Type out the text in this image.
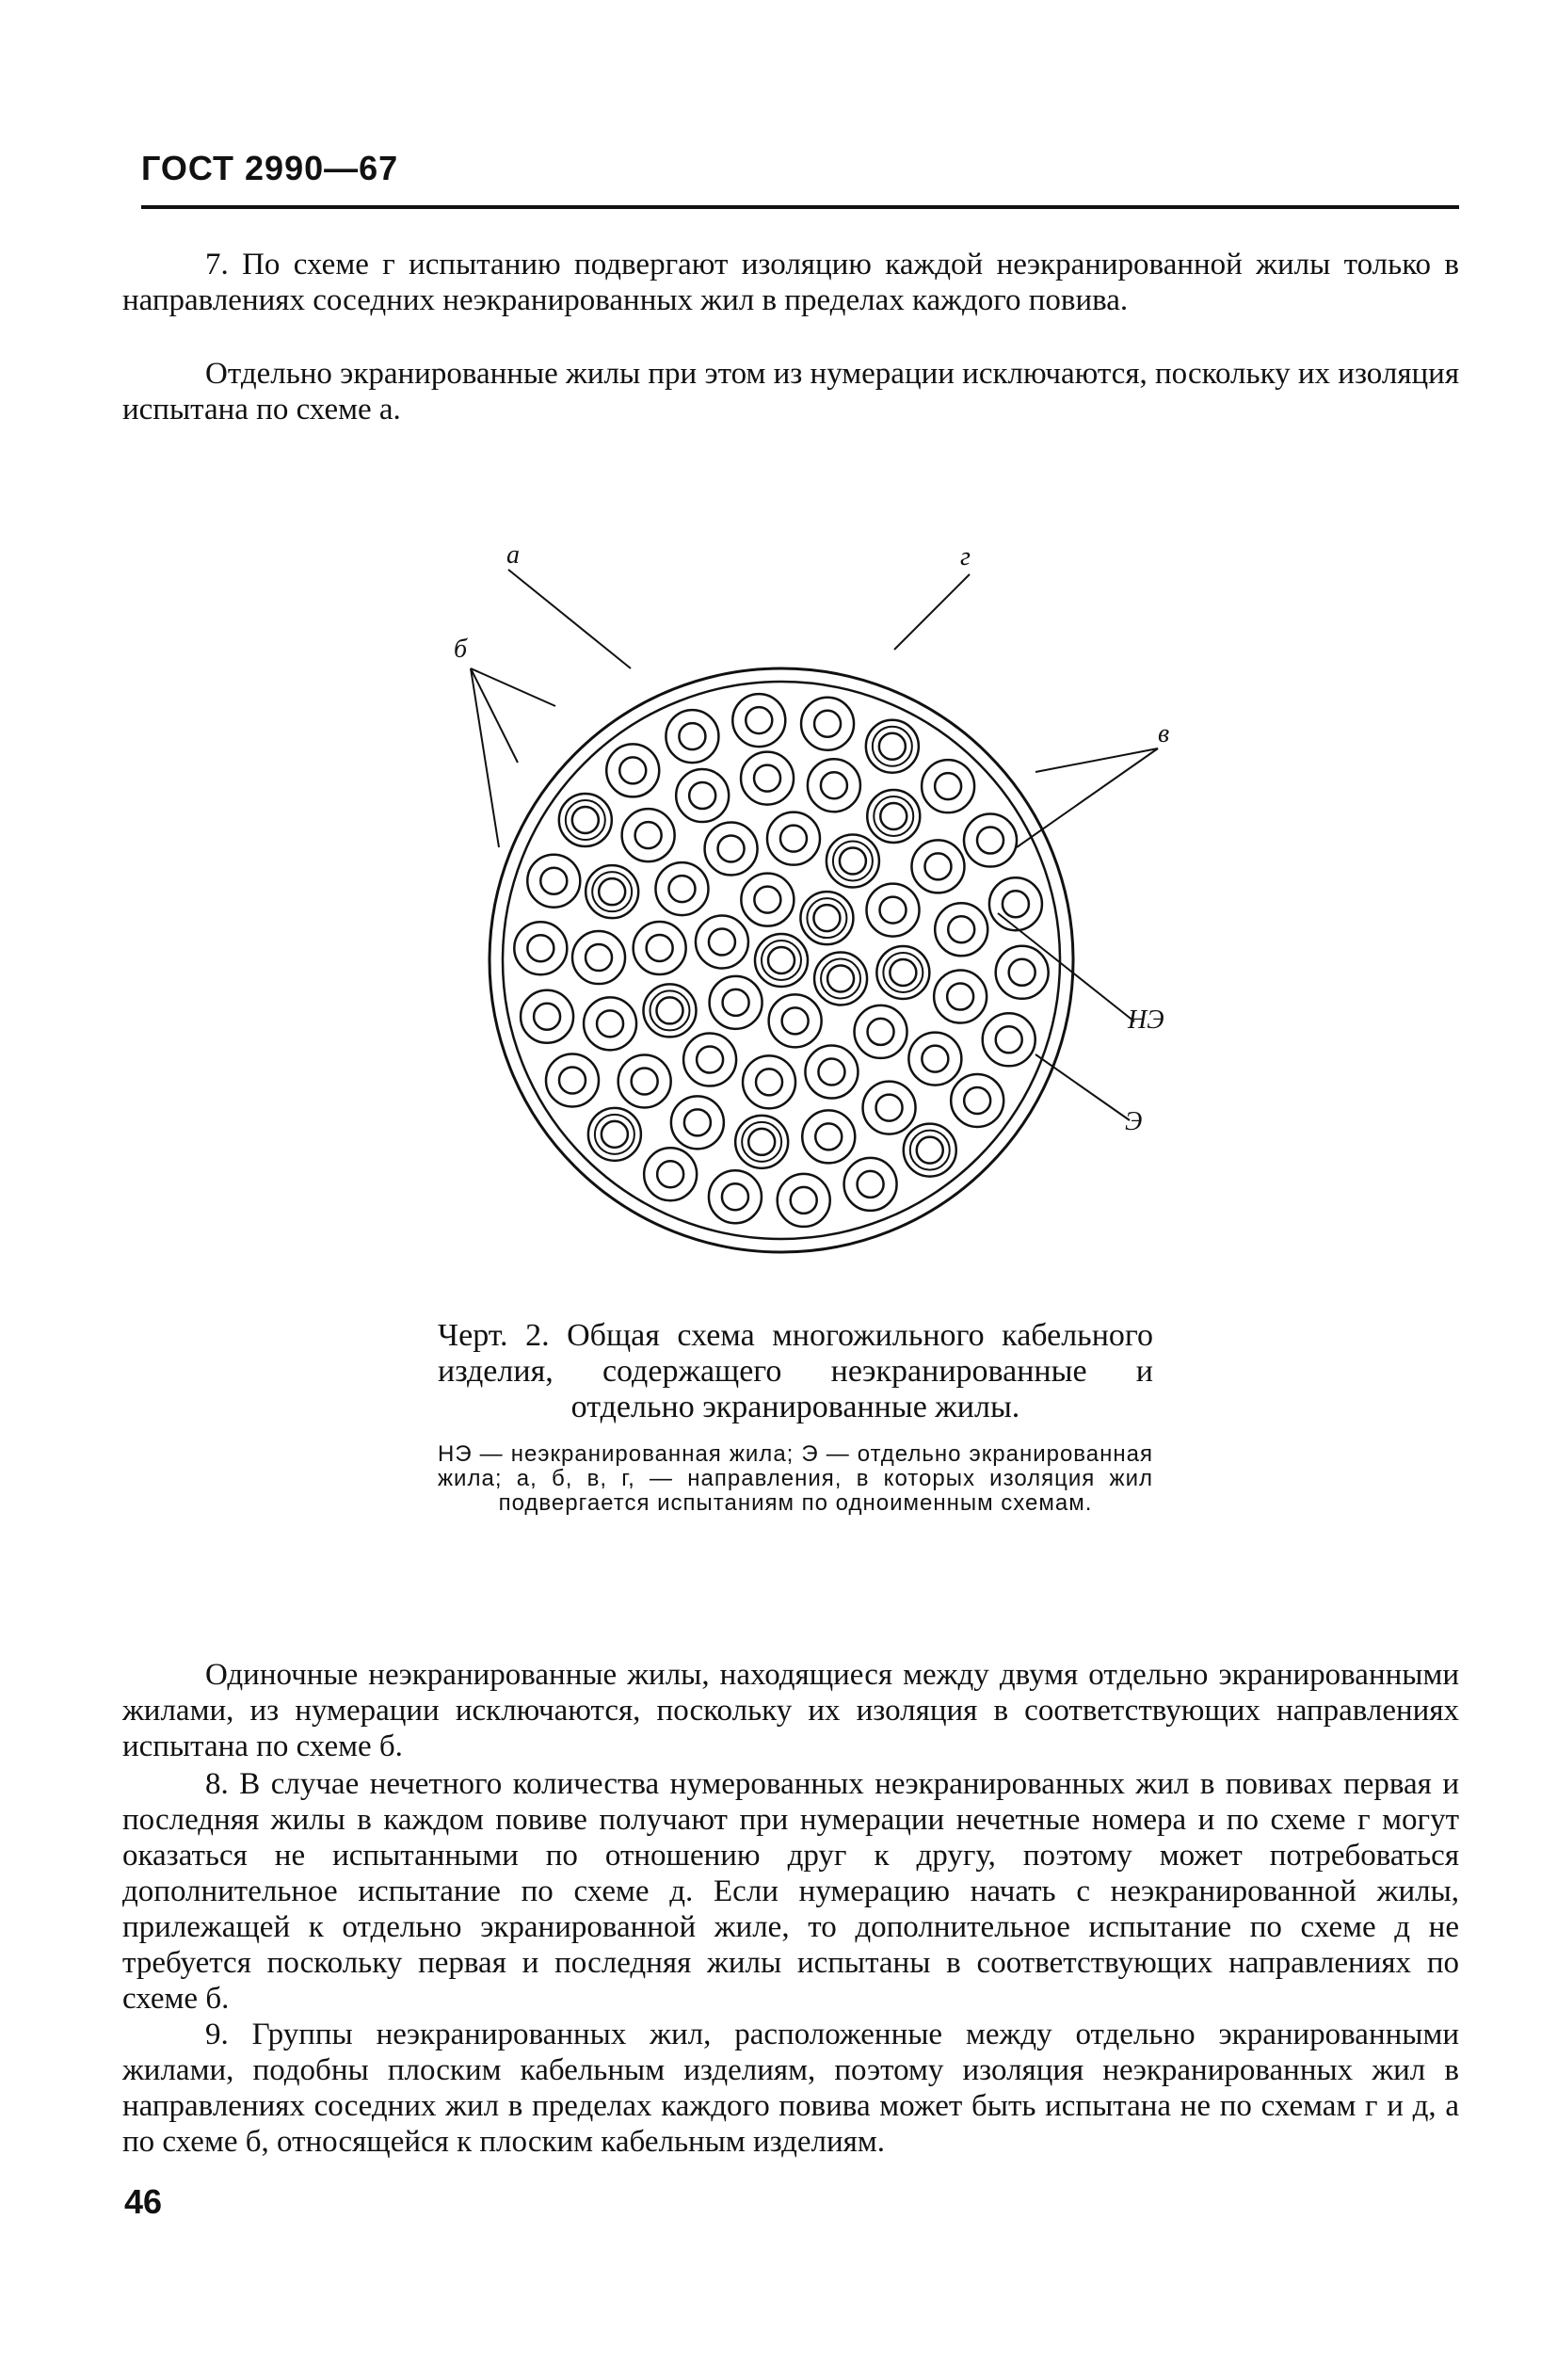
ГОСТ 2990—67

7. По схеме г испытанию подвергают изоляцию каждой неэкранированной жилы только в направлениях соседних неэкранированных жил в пределах каждого повива.

Отдельно экранированные жилы при этом из нумерации исключаются, поскольку их изоляция испытана по схеме а.

а	г
б
в
НЭ
Э

Черт. 2. Общая схема многожильного кабельного изделия, содержащего неэкранированные и отдельно экранированные жилы.

НЭ — неэкранированная жила; Э — отдельно экранированная жила; а, б, в, г, — направления, в которых изоляция жил подвергается испытаниям по одноименным схемам.

Одиночные неэкранированные жилы, находящиеся между двумя отдельно экранированными жилами, из нумерации исключаются, поскольку их изоляция в соответствующих направлениях испытана по схеме б.

8. В случае нечетного количества нумерованных неэкранированных жил в повивах первая и последняя жилы в каждом повиве получают при нумерации нечетные номера и по схеме г могут оказаться не испытанными по отношению друг к другу, поэтому может потребоваться дополнительное испытание по схеме д. Если нумерацию начать с неэкранированной жилы, прилежащей к отдельно экранированной жиле, то дополнительное испытание по схеме д не требуется поскольку первая и последняя жилы испытаны в соответствующих направлениях по схеме б.

9. Группы неэкранированных жил, расположенные между отдельно экранированными жилами, подобны плоским кабельным изделиям, поэтому изоляция неэкранированных жил в направлениях соседних жил в пределах каждого повива может быть испытана не по схемам г и д, а по схеме б, относящейся к плоским кабельным изделиям.

46
